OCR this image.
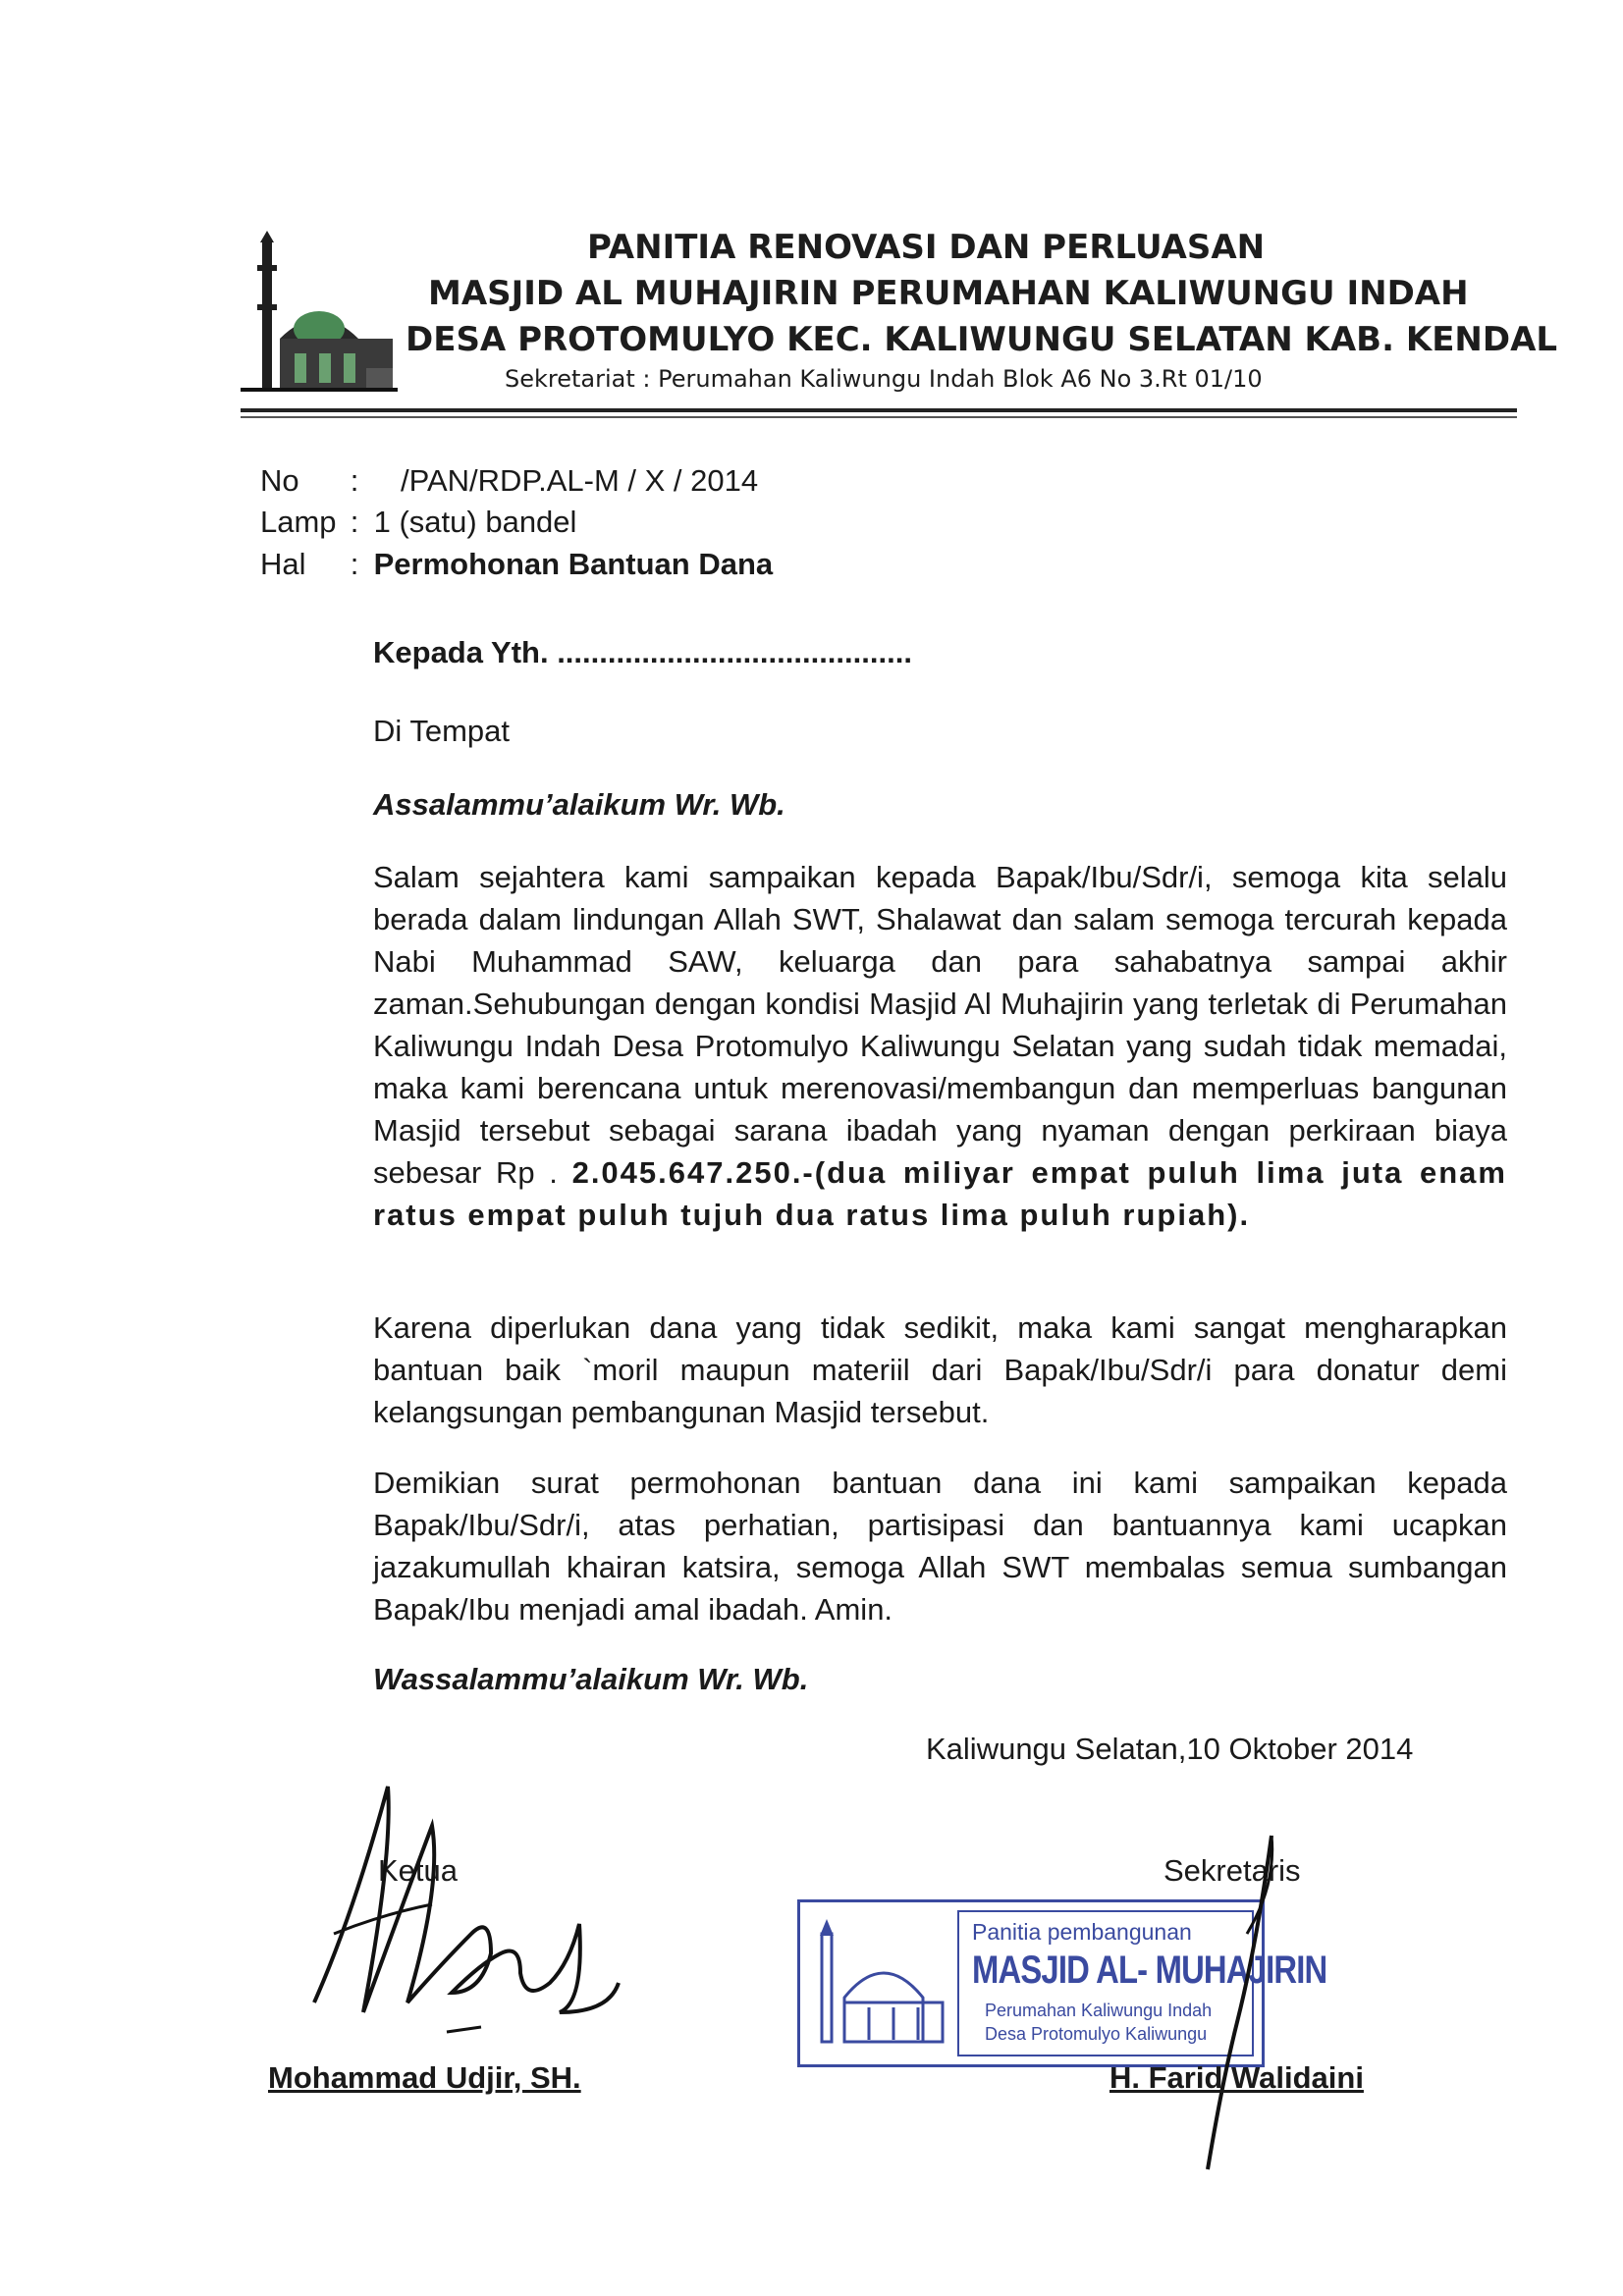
PANITIA RENOVASI DAN PERLUASAN
MASJID AL MUHAJIRIN PERUMAHAN KALIWUNGU INDAH
DESA PROTOMULYO KEC. KALIWUNGU SELATAN KAB. KENDAL
Sekretariat : Perumahan Kaliwungu Indah Blok A6 No 3.Rt 01/10
No : /PAN/RDP.AL-M / X / 2014
Lamp : 1 (satu) bandel
Hal : Permohonan Bantuan Dana
Kepada Yth. ..........................................
Di Tempat
Assalammu’alaikum Wr. Wb.
Salam sejahtera kami sampaikan kepada Bapak/Ibu/Sdr/i, semoga kita selalu berada dalam lindungan Allah SWT, Shalawat dan salam semoga tercurah kepada Nabi Muhammad SAW, keluarga dan para sahabatnya sampai akhir zaman.Sehubungan dengan kondisi Masjid Al Muhajirin yang terletak di Perumahan Kaliwungu Indah Desa Protomulyo Kaliwungu Selatan yang sudah tidak memadai, maka kami berencana untuk merenovasi/membangun dan memperluas bangunan Masjid tersebut sebagai sarana ibadah yang nyaman dengan perkiraan biaya sebesar Rp . 2.045.647.250.-(dua miliyar empat puluh lima juta enam ratus empat puluh tujuh dua ratus lima puluh rupiah).
Karena diperlukan dana yang tidak sedikit, maka kami sangat mengharapkan bantuan baik `moril maupun materiil dari Bapak/Ibu/Sdr/i para donatur demi kelangsungan pembangunan Masjid tersebut.
Demikian surat permohonan bantuan dana ini kami sampaikan kepada Bapak/Ibu/Sdr/i, atas perhatian, partisipasi dan bantuannya kami ucapkan jazakumullah khairan katsira, semoga Allah SWT membalas semua sumbangan Bapak/Ibu menjadi amal ibadah. Amin.
Wassalammu’alaikum Wr. Wb.
Kaliwungu Selatan,10 Oktober 2014
Ketua	Sekretaris
Panitia pembangunan
MASJID AL- MUHAJIRIN
Perumahan Kaliwungu Indah
Desa Protomulyo Kaliwungu
Mohammad Udjir, SH.	H. Farid Walidaini
